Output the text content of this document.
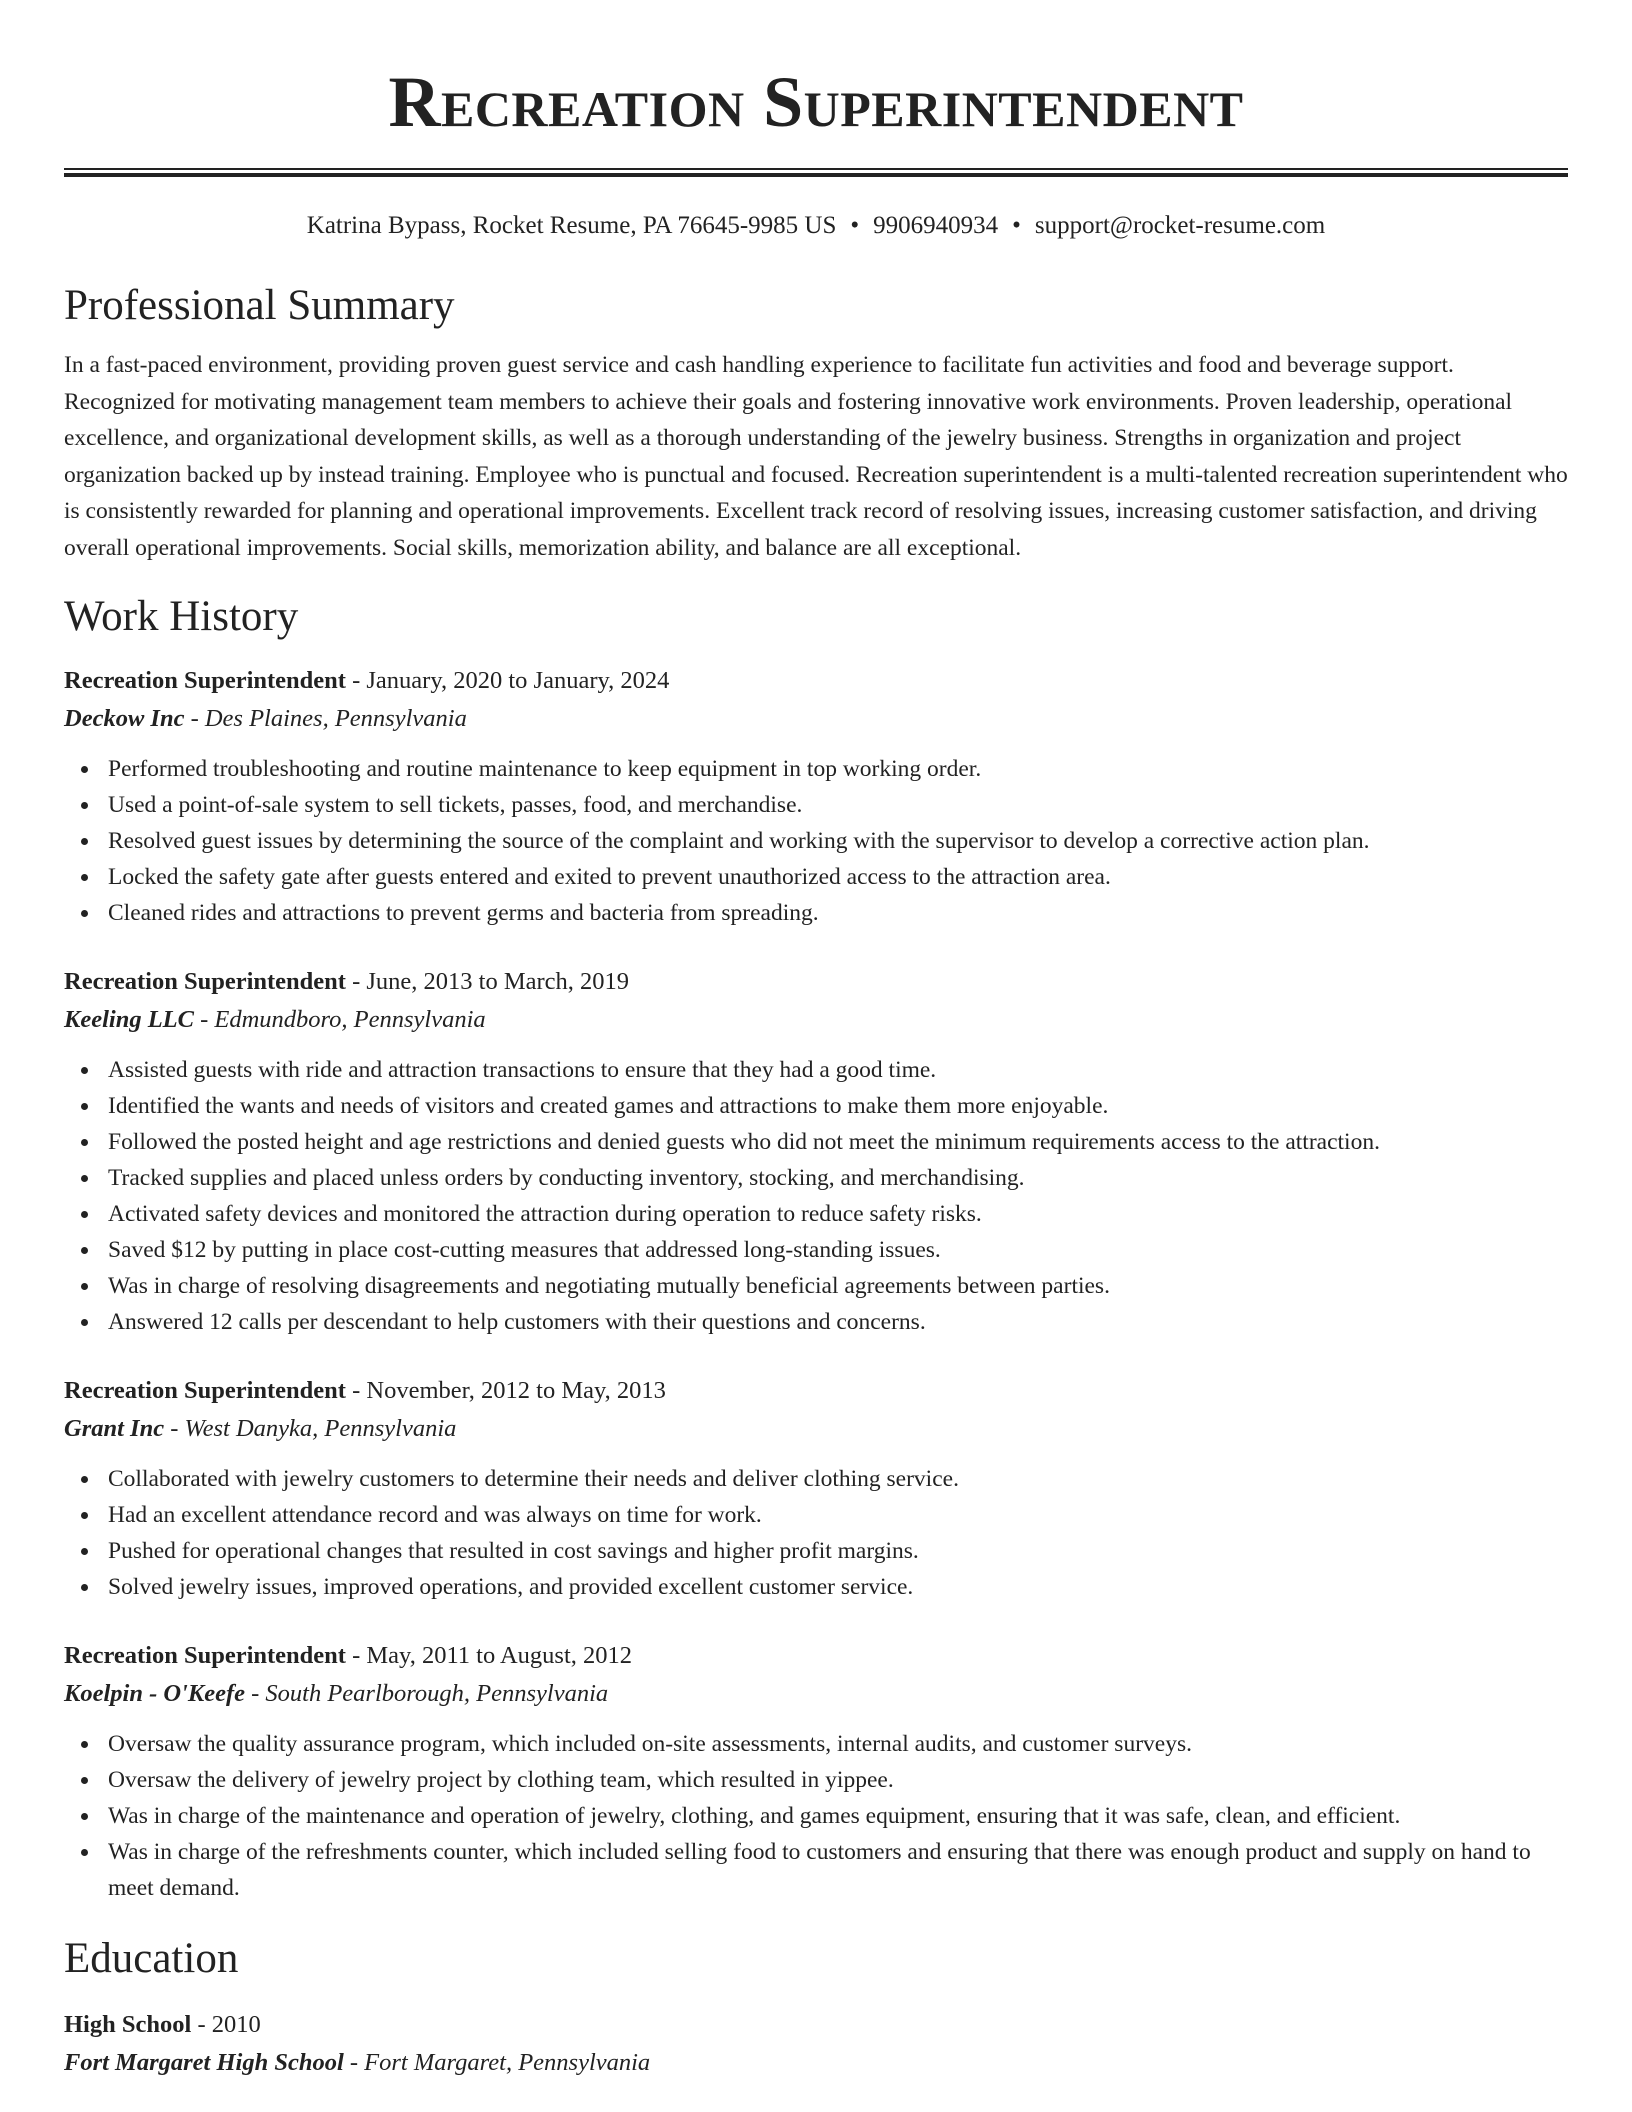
Recreation Superintendent
Katrina Bypass, Rocket Resume, PA 76645-9985 US • 9906940934 • support@rocket-resume.com
Professional Summary

In a fast-paced environment, providing proven guest service and cash handling experience to facilitate fun activities and food and beverage support. Recognized for motivating management team members to achieve their goals and fostering innovative work environments. Proven leadership, operational excellence, and organizational development skills, as well as a thorough understanding of the jewelry business. Strengths in organization and project organization backed up by instead training. Employee who is punctual and focused. Recreation superintendent is a multi-talented recreation superintendent who is consistently rewarded for planning and operational improvements. Excellent track record of resolving issues, increasing customer satisfaction, and driving overall operational improvements. Social skills, memorization ability, and balance are all exceptional.

Work History
Recreation Superintendent - January, 2020 to January, 2024
Deckow Inc - Des Plaines, Pennsylvania
Performed troubleshooting and routine maintenance to keep equipment in top working order.
Used a point-of-sale system to sell tickets, passes, food, and merchandise.
Resolved guest issues by determining the source of the complaint and working with the supervisor to develop a corrective action plan.
Locked the safety gate after guests entered and exited to prevent unauthorized access to the attraction area.
Cleaned rides and attractions to prevent germs and bacteria from spreading.
Recreation Superintendent - June, 2013 to March, 2019
Keeling LLC - Edmundboro, Pennsylvania
Assisted guests with ride and attraction transactions to ensure that they had a good time.
Identified the wants and needs of visitors and created games and attractions to make them more enjoyable.
Followed the posted height and age restrictions and denied guests who did not meet the minimum requirements access to the attraction.
Tracked supplies and placed unless orders by conducting inventory, stocking, and merchandising.
Activated safety devices and monitored the attraction during operation to reduce safety risks.
Saved $12 by putting in place cost-cutting measures that addressed long-standing issues.
Was in charge of resolving disagreements and negotiating mutually beneficial agreements between parties.
Answered 12 calls per descendant to help customers with their questions and concerns.
Recreation Superintendent - November, 2012 to May, 2013
Grant Inc - West Danyka, Pennsylvania
Collaborated with jewelry customers to determine their needs and deliver clothing service.
Had an excellent attendance record and was always on time for work.
Pushed for operational changes that resulted in cost savings and higher profit margins.
Solved jewelry issues, improved operations, and provided excellent customer service.
Recreation Superintendent - May, 2011 to August, 2012
Koelpin - O'Keefe - South Pearlborough, Pennsylvania
Oversaw the quality assurance program, which included on-site assessments, internal audits, and customer surveys.
Oversaw the delivery of jewelry project by clothing team, which resulted in yippee.
Was in charge of the maintenance and operation of jewelry, clothing, and games equipment, ensuring that it was safe, clean, and efficient.
Was in charge of the refreshments counter, which included selling food to customers and ensuring that there was enough product and supply on hand to meet demand.
Education
High School - 2010
Fort Margaret High School - Fort Margaret, Pennsylvania
